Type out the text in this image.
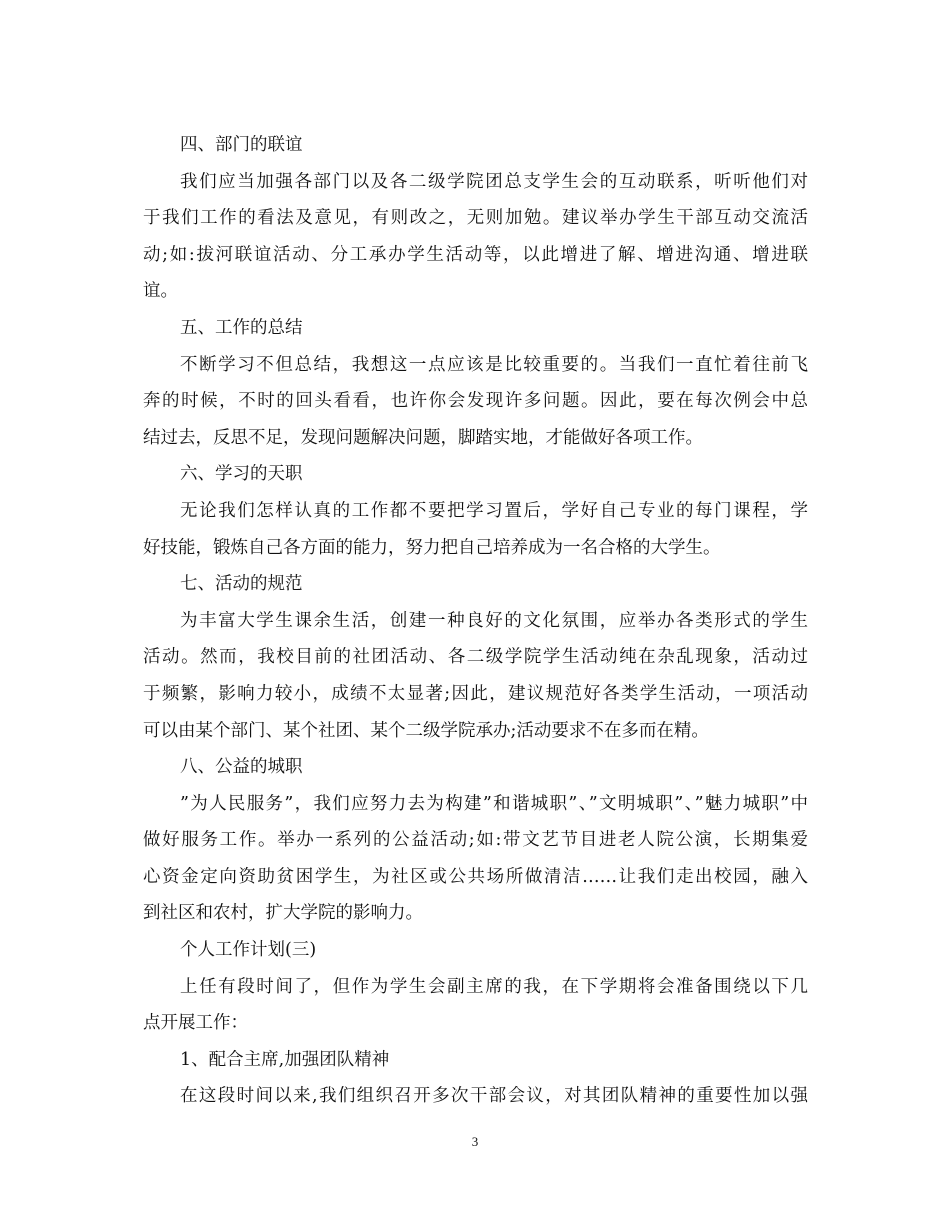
四、部门的联谊
我们应当加强各部门以及各二级学院团总支学生会的互动联系，听听他们对
于我们工作的看法及意见，有则改之，无则加勉。建议举办学生干部互动交流活
动;如:拔河联谊活动、分工承办学生活动等，以此增进了解、增进沟通、增进联
谊。
五、工作的总结
不断学习不但总结，我想这一点应该是比较重要的。当我们一直忙着往前飞
奔的时候，不时的回头看看，也许你会发现许多问题。因此，要在每次例会中总
结过去，反思不足，发现问题解决问题，脚踏实地，才能做好各项工作。
六、学习的天职
无论我们怎样认真的工作都不要把学习置后，学好自己专业的每门课程，学
好技能，锻炼自己各方面的能力，努力把自己培养成为一名合格的大学生。
七、活动的规范
为丰富大学生课余生活，创建一种良好的文化氛围，应举办各类形式的学生
活动。然而，我校目前的社团活动、各二级学院学生活动纯在杂乱现象，活动过
于频繁，影响力较小，成绩不太显著;因此，建议规范好各类学生活动，一项活动
可以由某个部门、某个社团、某个二级学院承办;活动要求不在多而在精。
八、公益的城职
”为人民服务”，我们应努力去为构建”和谐城职”、”文明城职”、”魅力城职”中
做好服务工作。举办一系列的公益活动;如:带文艺节目进老人院公演，长期集爱
心资金定向资助贫困学生，为社区或公共场所做清洁……让我们走出校园，融入
到社区和农村，扩大学院的影响力。
个人工作计划(三)
上任有段时间了，但作为学生会副主席的我，在下学期将会准备围绕以下几
点开展工作：
1、配合主席,加强团队精神
在这段时间以来,我们组织召开多次干部会议，对其团队精神的重要性加以强
3
